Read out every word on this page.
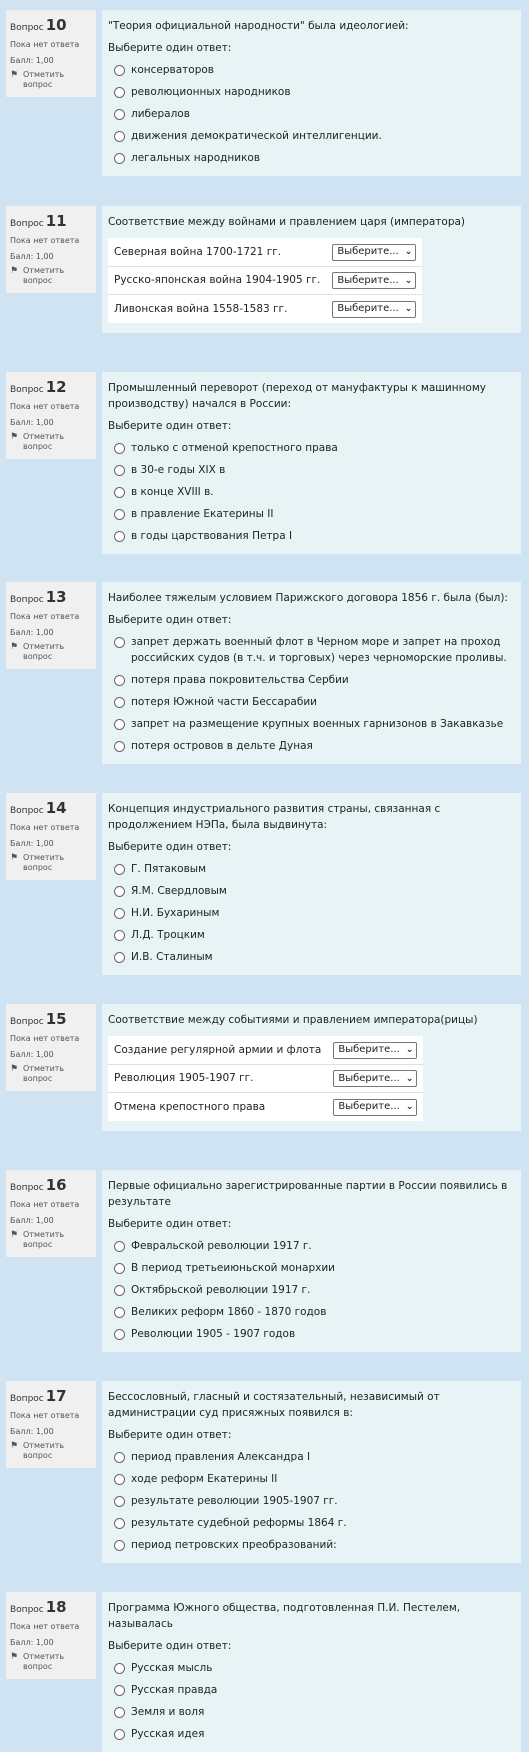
Вопрос 10
Пока нет ответа
Балл: 1,00
⚑ Отметить вопрос
"Теория официальной народности" была идеологией:
Выберите один ответ:
консерваторов
революционных народников
либералов
движения демократической интеллигенции.
легальных народников
Вопрос 11
Пока нет ответа
Балл: 1,00
⚑ Отметить вопрос
Соответствие между войнами и правлением царя (императора)
Северная война 1700-1721 гг.	Выберите... ⌄

Русско-японская война 1904-1905 гг.	Выберите... ⌄

Ливонская война 1558-1583 гг.	Выберите... ⌄
Вопрос 12
Пока нет ответа
Балл: 1,00
⚑ Отметить вопрос
Промышленный переворот (переход от мануфактуры к машинному производству) начался в России:
Выберите один ответ:
только с отменой крепостного права
в 30-е годы XIX в
в конце XVIII в.
в правление Екатерины II
в годы царствования Петра I
Вопрос 13
Пока нет ответа
Балл: 1,00
⚑ Отметить вопрос
Наиболее тяжелым условием Парижского договора 1856 г. была (был):
Выберите один ответ:
запрет держать военный флот в Черном море и запрет на проход российских судов (в т.ч. и торговых) через черноморские проливы.
потеря права покровительства Сербии
потеря Южной части Бессарабии
запрет на размещение крупных военных гарнизонов в Закавказье
потеря островов в дельте Дуная
Вопрос 14
Пока нет ответа
Балл: 1,00
⚑ Отметить вопрос
Концепция индустриального развития страны, связанная с продолжением НЭПа, была выдвинута:
Выберите один ответ:
Г. Пятаковым
Я.М. Свердловым
Н.И. Бухариным
Л.Д. Троцким
И.В. Сталиным
Вопрос 15
Пока нет ответа
Балл: 1,00
⚑ Отметить вопрос
Соответствие между событиями и правлением императора(рицы)
Создание регулярной армии и флота	Выберите... ⌄

Революция 1905-1907 гг.	Выберите... ⌄

Отмена крепостного права	Выберите... ⌄
Вопрос 16
Пока нет ответа
Балл: 1,00
⚑ Отметить вопрос
Первые официально зарегистрированные партии в России появились в результате
Выберите один ответ:
Февральской революции 1917 г.
В период третьеиюньской монархии
Октябрьской революции 1917 г.
Великих реформ 1860 - 1870 годов
Революции 1905 - 1907 годов
Вопрос 17
Пока нет ответа
Балл: 1,00
⚑ Отметить вопрос
Бессословный, гласный и состязательный, независимый от администрации суд присяжных появился в:
Выберите один ответ:
период правления Александра I
ходе реформ Екатерины II
результате революции 1905-1907 гг.
результате судебной реформы 1864 г.
период петровских преобразований:
Вопрос 18
Пока нет ответа
Балл: 1,00
⚑ Отметить вопрос
Программа Южного общества, подготовленная П.И. Пестелем, называлась
Выберите один ответ:
Русская мысль
Русская правда
Земля и воля
Русская идея
